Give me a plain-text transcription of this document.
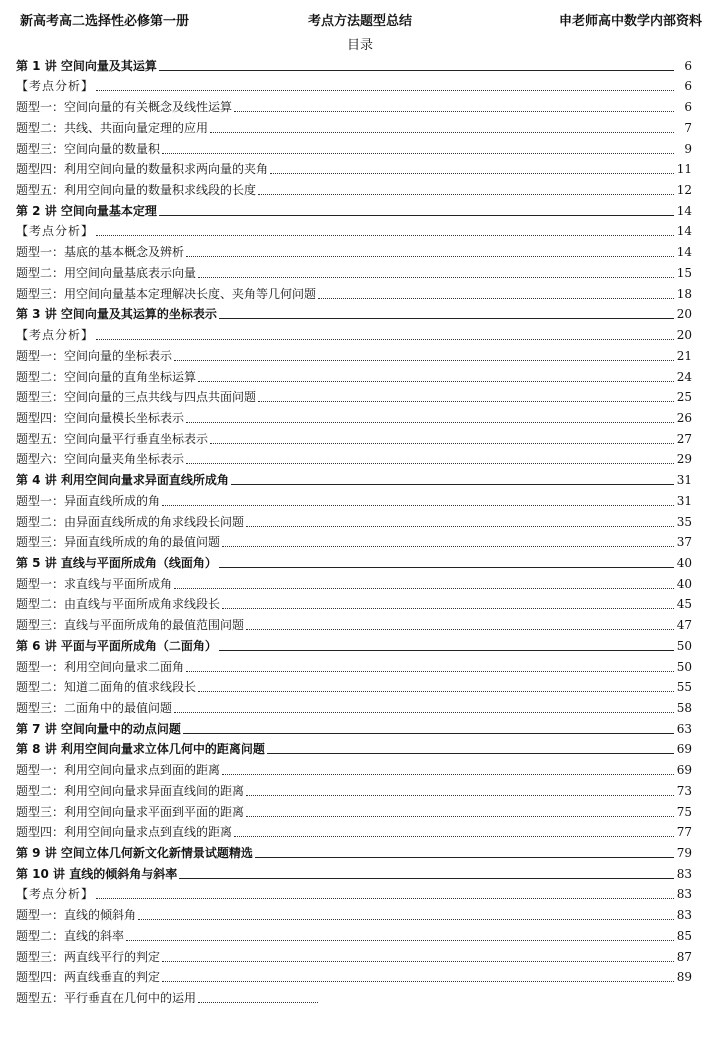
新高考高二选择性必修第一册	考点方法题型总结	申老师高中数学内部资料
目录
第 1 讲 空间向量及其运算	6
【考点分析】	6
题型一：空间向量的有关概念及线性运算	6
题型二：共线、共面向量定理的应用	7
题型三：空间向量的数量积	9
题型四：利用空间向量的数量积求两向量的夹角	11
题型五：利用空间向量的数量积求线段的长度	12
第 2 讲 空间向量基本定理	14
【考点分析】	14
题型一：基底的基本概念及辨析	14
题型二：用空间向量基底表示向量	15
题型三：用空间向量基本定理解决长度、夹角等几何问题	18
第 3 讲 空间向量及其运算的坐标表示	20
【考点分析】	20
题型一：空间向量的坐标表示	21
题型二：空间向量的直角坐标运算	24
题型三：空间向量的三点共线与四点共面问题	25
题型四：空间向量模长坐标表示	26
题型五：空间向量平行垂直坐标表示	27
题型六：空间向量夹角坐标表示	29
第 4 讲 利用空间向量求异面直线所成角	31
题型一：异面直线所成的角	31
题型二：由异面直线所成的角求线段长问题	35
题型三：异面直线所成的角的最值问题	37
第 5 讲 直线与平面所成角（线面角）	40
题型一：求直线与平面所成角	40
题型二：由直线与平面所成角求线段长	45
题型三：直线与平面所成角的最值范围问题	47
第 6 讲 平面与平面所成角（二面角）	50
题型一：利用空间向量求二面角	50
题型二：知道二面角的值求线段长	55
题型三：二面角中的最值问题	58
第 7 讲 空间向量中的动点问题	63
第 8 讲 利用空间向量求立体几何中的距离问题	69
题型一：利用空间向量求点到面的距离	69
题型二：利用空间向量求异面直线间的距离	73
题型三：利用空间向量求平面到平面的距离	75
题型四：利用空间向量求点到直线的距离	77
第 9 讲 空间立体几何新文化新情景试题精选	79
第 10 讲 直线的倾斜角与斜率	83
【考点分析】	83
题型一：直线的倾斜角	83
题型二：直线的斜率	85
题型三：两直线平行的判定	87
题型四：两直线垂直的判定	89
题型五：平行垂直在几何中的运用
